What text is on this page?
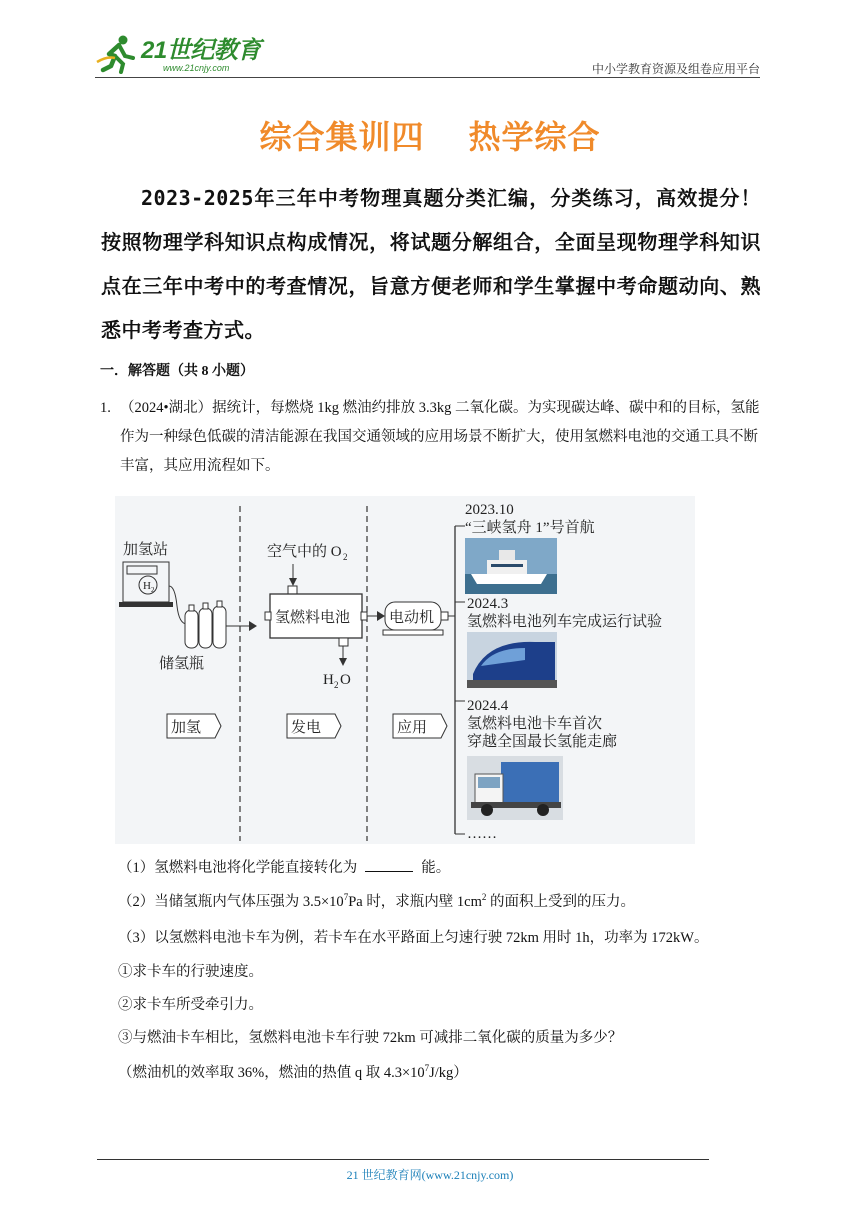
21世纪教育
www.21cnjy.com	中小学教育资源及组卷应用平台
综合集训四 热学综合
2023-2025年三年中考物理真题分类汇编，分类练习，高效提分！按照物理学科知识点构成情况，将试题分解组合，全面呈现物理学科知识点在三年中考中的考查情况，旨意方便老师和学生掌握中考命题动向、熟悉中考考查方式。
一．解答题（共 8 小题）
1. （2024•湖北）据统计，每燃烧 1kg 燃油约排放 3.3kg 二氧化碳。为实现碳达峰、碳中和的目标，氢能作为一种绿色低碳的清洁能源在我国交通领域的应用场景不断扩大，使用氢燃料电池的交通工具不断丰富，其应用流程如下。
加氢站
H 2
储氢瓶
空气中的 O 2
氢燃料电池
H 2 O
电动机
加氢	发电	应用
2023.10
“三峡氢舟 1”号首航
2024.3
氢燃料电池列车完成运行试验
2024.4
氢燃料电池卡车首次
穿越全国最长氢能走廊
……
（1）氢燃料电池将化学能直接转化为	能。
（2）当储氢瓶内气体压强为 $3.5\times 10^7Pa$ 时，求瓶内壁 $1cm^2$ 的面积上受到的压力。
（3）以氢燃料电池卡车为例，若卡车在水平路面上匀速行驶 72km 用时 1h，功率为 172kW。
①求卡车的行驶速度。
②求卡车所受牵引力。
③与燃油卡车相比，氢燃料电池卡车行驶 72km 可减排二氧化碳的质量为多少？
（燃油机的效率取 36%，燃油的热值 q 取 $4.3\times 10^7J/kg$）
21 世纪教育网(www.21cnjy.com)
